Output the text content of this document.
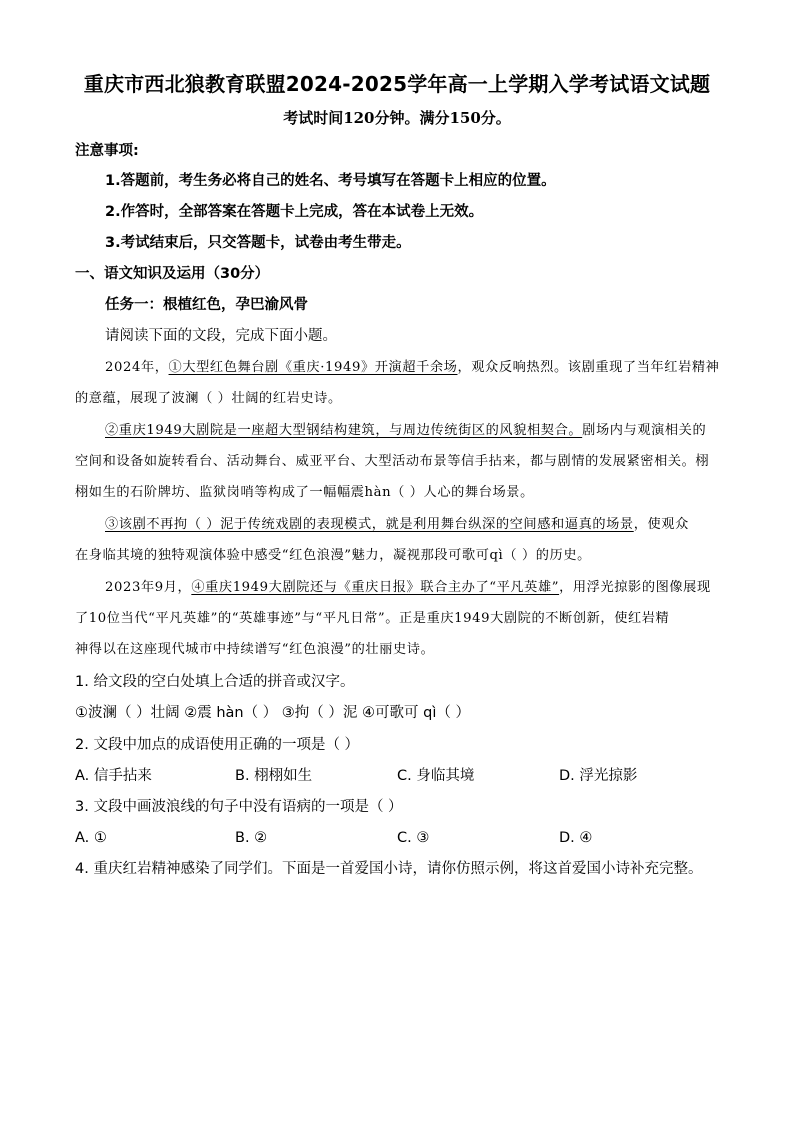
重庆市西北狼教育联盟2024-2025学年高一上学期入学考试语文试题
考试时间120分钟。满分150分。
注意事项:
1.答题前，考生务必将自己的姓名、考号填写在答题卡上相应的位置。
2.作答时，全部答案在答题卡上完成，答在本试卷上无效。
3.考试结束后，只交答题卡，试卷由考生带走。
一、语文知识及运用（30分）
任务一：根植红色，孕巴渝风骨
请阅读下面的文段，完成下面小题。
2024年，①大型红色舞台剧《重庆·1949》开演超千余场，观众反响热烈。该剧重现了当年红岩精神
的意蕴，展现了波澜（ ）壮阔的红岩史诗。
②重庆1949大剧院是一座超大型钢结构建筑，与周边传统街区的风貌相契合。剧场内与观演相关的
空间和设备如旋转看台、活动舞台、威亚平台、大型活动布景等信手拈来，都与剧情的发展紧密相关。栩
栩如生的石阶牌坊、监狱岗哨等构成了一幅幅震hàn（ ）人心的舞台场景。
③该剧不再拘（ ）泥于传统戏剧的表现模式，就是利用舞台纵深的空间感和逼真的场景，使观众
在身临其境的独特观演体验中感受“红色浪漫”魅力，凝视那段可歌可qì（ ）的历史。
2023年9月，④重庆1949大剧院还与《重庆日报》联合主办了“平凡英雄”，用浮光掠影的图像展现
了10位当代“平凡英雄”的“英雄事迹”与“平凡日常”。正是重庆1949大剧院的不断创新，使红岩精
神得以在这座现代城市中持续谱写“红色浪漫”的壮丽史诗。
1. 给文段的空白处填上合适的拼音或汉字。
①波澜（ ）壮阔 ②震 hàn（ ） ③拘（ ）泥 ④可歌可 qì（ ）
2. 文段中加点的成语使用正确的一项是（ ）
A. 信手拈来	B. 栩栩如生	C. 身临其境	D. 浮光掠影
3. 文段中画波浪线的句子中没有语病的一项是（ ）
A. ①	B. ②	C. ③	D. ④
4. 重庆红岩精神感染了同学们。下面是一首爱国小诗，请你仿照示例，将这首爱国小诗补充完整。
